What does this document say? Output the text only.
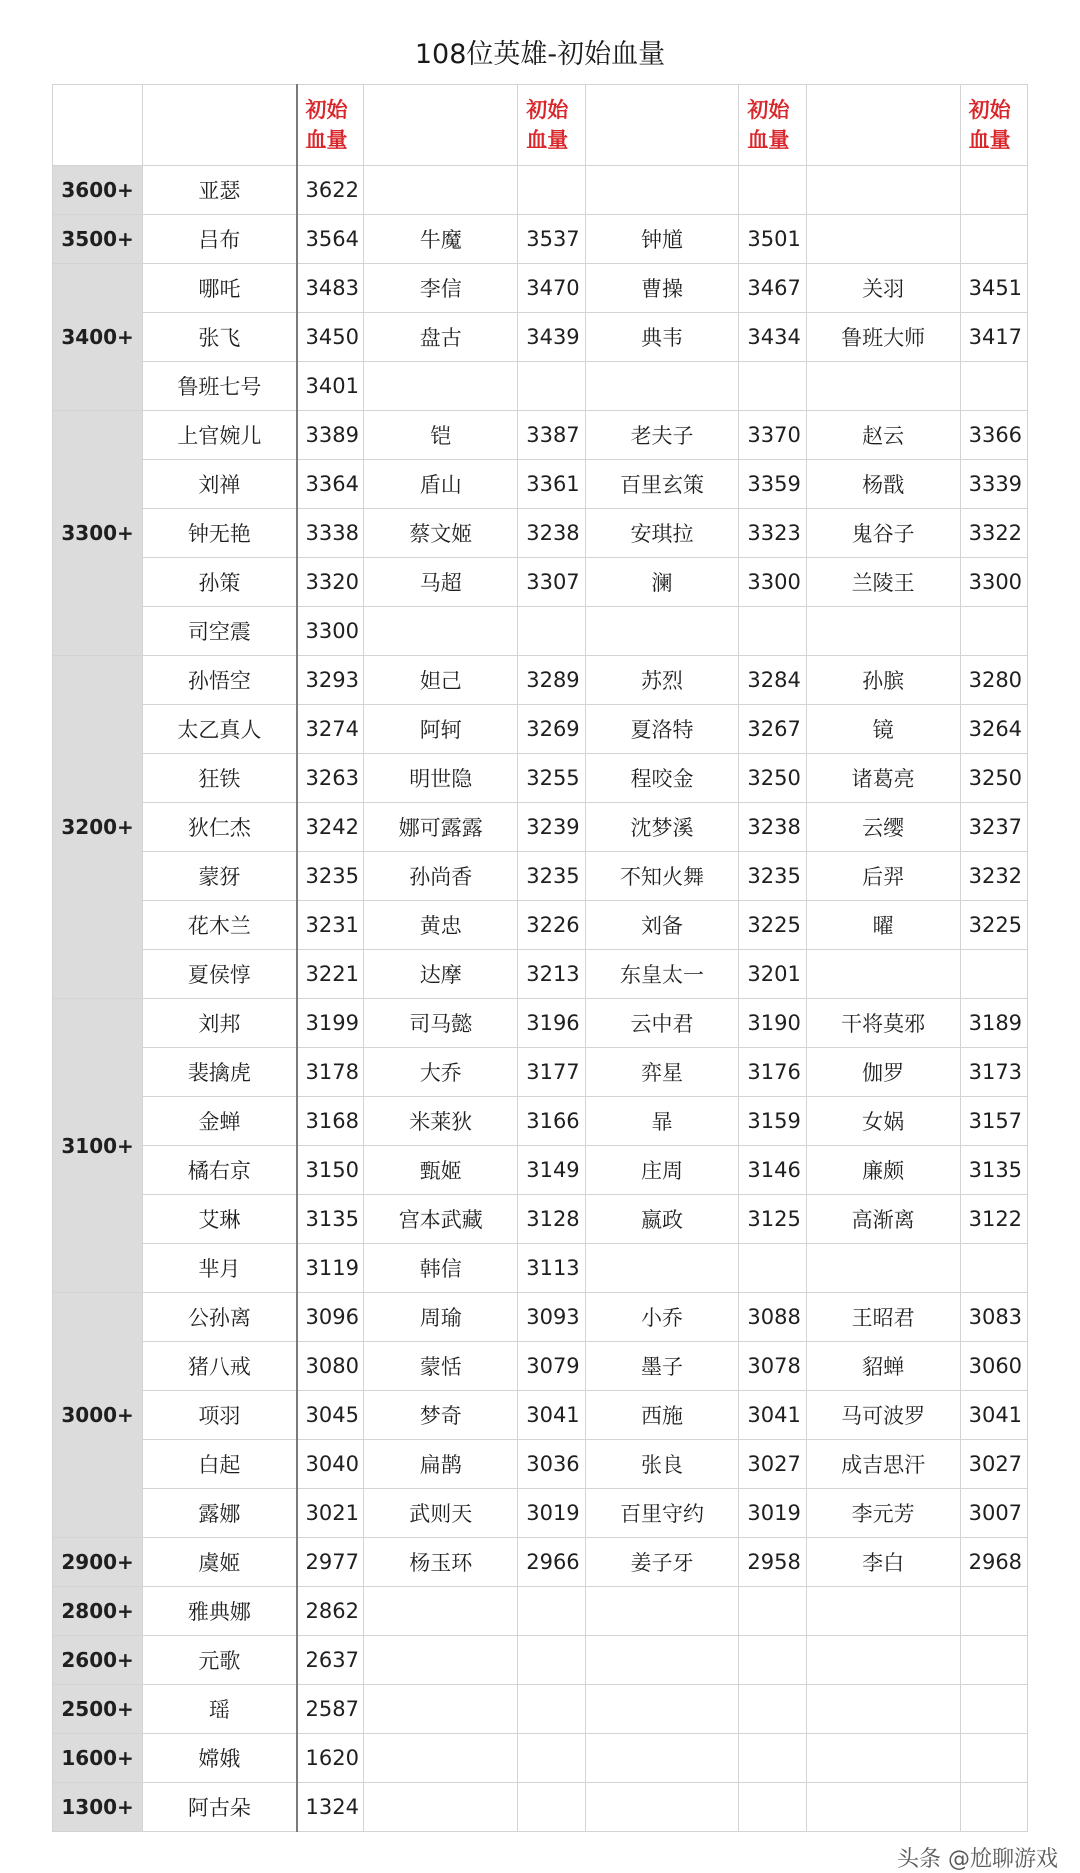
108位英雄-初始血量

		初始
血量		初始
血量		初始
血量		初始
血量

3600+	亚瑟	3622						
3500+	吕布	3564	牛魔	3537	钟馗	3501		
3400+	哪吒	3483	李信	3470	曹操	3467	关羽	3451
	张飞	3450	盘古	3439	典韦	3434	鲁班大师	3417
	鲁班七号	3401						
3300+	上官婉儿	3389	铠	3387	老夫子	3370	赵云	3366
	刘禅	3364	盾山	3361	百里玄策	3359	杨戬	3339
	钟无艳	3338	蔡文姬	3238	安琪拉	3323	鬼谷子	3322
	孙策	3320	马超	3307	澜	3300	兰陵王	3300
	司空震	3300						
3200+	孙悟空	3293	妲己	3289	苏烈	3284	孙膑	3280
	太乙真人	3274	阿轲	3269	夏洛特	3267	镜	3264
	狂铁	3263	明世隐	3255	程咬金	3250	诸葛亮	3250
	狄仁杰	3242	娜可露露	3239	沈梦溪	3238	云缨	3237
	蒙犽	3235	孙尚香	3235	不知火舞	3235	后羿	3232
	花木兰	3231	黄忠	3226	刘备	3225	曜	3225
	夏侯惇	3221	达摩	3213	东皇太一	3201		
3100+	刘邦	3199	司马懿	3196	云中君	3190	干将莫邪	3189
	裴擒虎	3178	大乔	3177	弈星	3176	伽罗	3173
	金蝉	3168	米莱狄	3166	暃	3159	女娲	3157
	橘右京	3150	甄姬	3149	庄周	3146	廉颇	3135
	艾琳	3135	宫本武藏	3128	嬴政	3125	高渐离	3122
	芈月	3119	韩信	3113				
3000+	公孙离	3096	周瑜	3093	小乔	3088	王昭君	3083
	猪八戒	3080	蒙恬	3079	墨子	3078	貂蝉	3060
	项羽	3045	梦奇	3041	西施	3041	马可波罗	3041
	白起	3040	扁鹊	3036	张良	3027	成吉思汗	3027
	露娜	3021	武则天	3019	百里守约	3019	李元芳	3007
2900+	虞姬	2977	杨玉环	2966	姜子牙	2958	李白	2968
2800+	雅典娜	2862						
2600+	元歌	2637						
2500+	瑶	2587						
1600+	嫦娥	1620						
1300+	阿古朵	1324						
头条 @尬聊游戏
